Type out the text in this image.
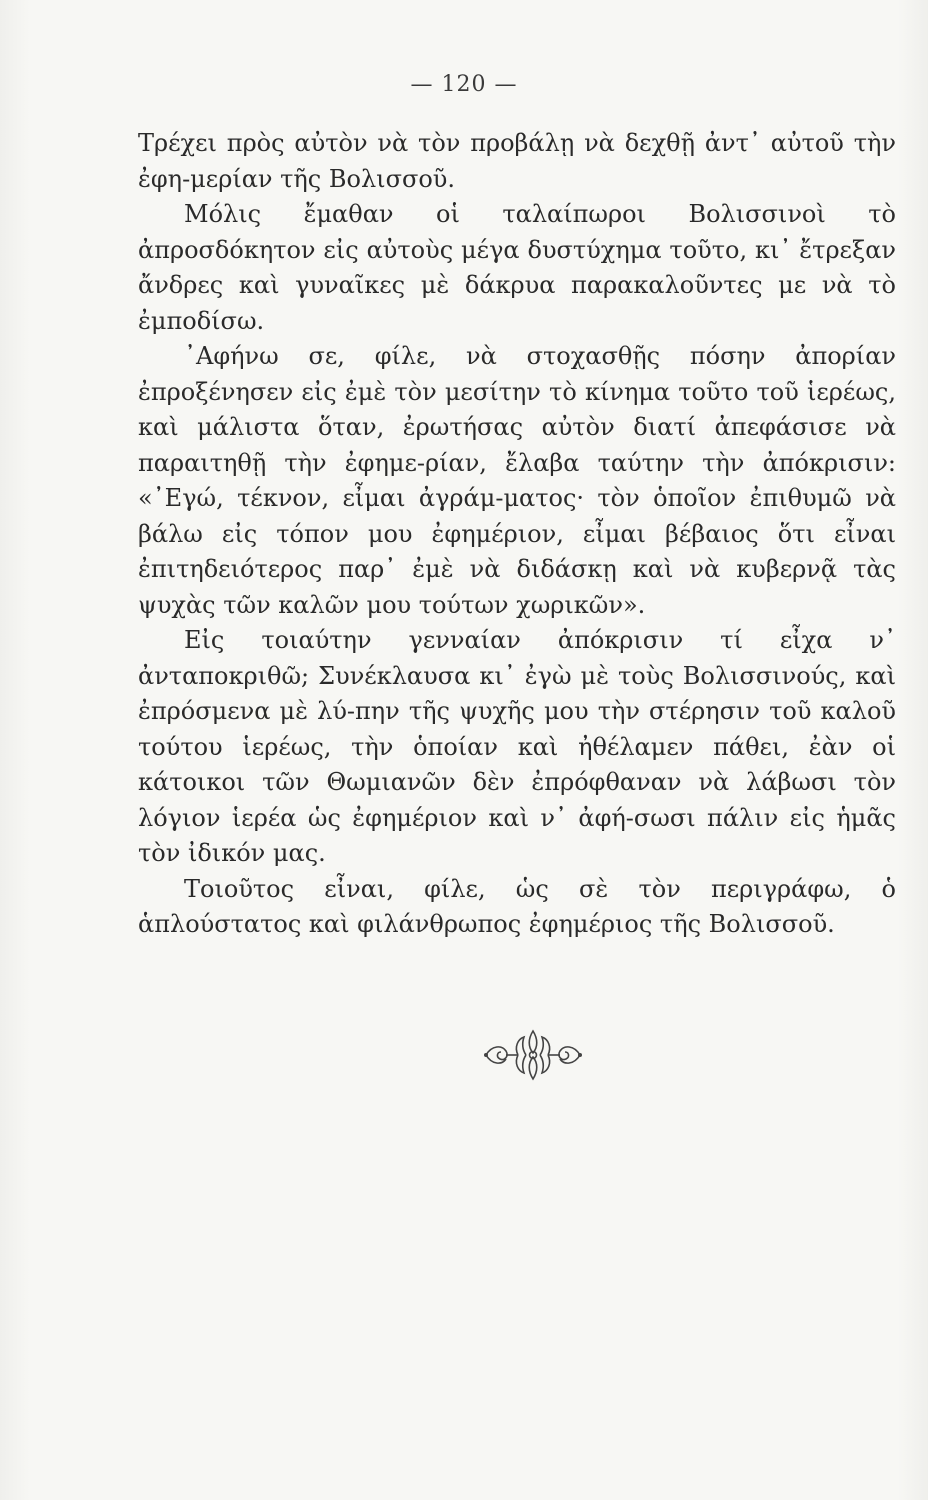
— 120 —

Τρέχει πρὸς αὐτὸν νὰ τὸν προβάλῃ νὰ δεχθῇ ἀντ᾽ αὐτοῦ τὴν ἐφη-μερίαν τῆς Βολισσοῦ.

Μόλις ἔμαθαν οἱ ταλαίπωροι Βολισσινοὶ τὸ ἀπροσδόκητον εἰς αὐτοὺς μέγα δυστύχημα τοῦτο, κι᾽ ἔτρεξαν ἄνδρες καὶ γυναῖκες μὲ δάκρυα παρακαλοῦντες με νὰ τὸ ἐμποδίσω.

᾽Αφήνω σε, φίλε, νὰ στοχασθῇς πόσην ἀπορίαν ἐπροξένησεν εἰς ἐμὲ τὸν μεσίτην τὸ κίνημα τοῦτο τοῦ ἱερέως, καὶ μάλιστα ὅταν, ἐρωτήσας αὐτὸν διατί ἀπεφάσισε νὰ παραιτηθῇ τὴν ἐφημε-ρίαν, ἔλαβα ταύτην τὴν ἀπόκρισιν: «᾽Εγώ, τέκνον, εἶμαι ἀγράμ-ματος· τὸν ὁποῖον ἐπιθυμῶ νὰ βάλω εἰς τόπον μου ἐφημέριον, εἶμαι βέβαιος ὅτι εἶναι ἐπιτηδειότερος παρ᾽ ἐμὲ νὰ διδάσκῃ καὶ νὰ κυβερνᾷ τὰς ψυχὰς τῶν καλῶν μου τούτων χωρικῶν».

Εἰς τοιαύτην γενναίαν ἀπόκρισιν τί εἶχα ν᾽ ἀνταποκριθῶ; Συνέκλαυσα κι᾽ ἐγὼ μὲ τοὺς Βολισσινούς, καὶ ἐπρόσμενα μὲ λύ-πην τῆς ψυχῆς μου τὴν στέρησιν τοῦ καλοῦ τούτου ἱερέως, τὴν ὁποίαν καὶ ἠθέλαμεν πάθει, ἐὰν οἱ κάτοικοι τῶν Θωμιανῶν δὲν ἐπρόφθαναν νὰ λάβωσι τὸν λόγιον ἱερέα ὡς ἐφημέριον καὶ ν᾽ ἀφή-σωσι πάλιν εἰς ἡμᾶς τὸν ἰδικόν μας.

Τοιοῦτος εἶναι, φίλε, ὡς σὲ τὸν περιγράφω, ὁ ἁπλούστατος καὶ φιλάνθρωπος ἐφημέριος τῆς Βολισσοῦ.
